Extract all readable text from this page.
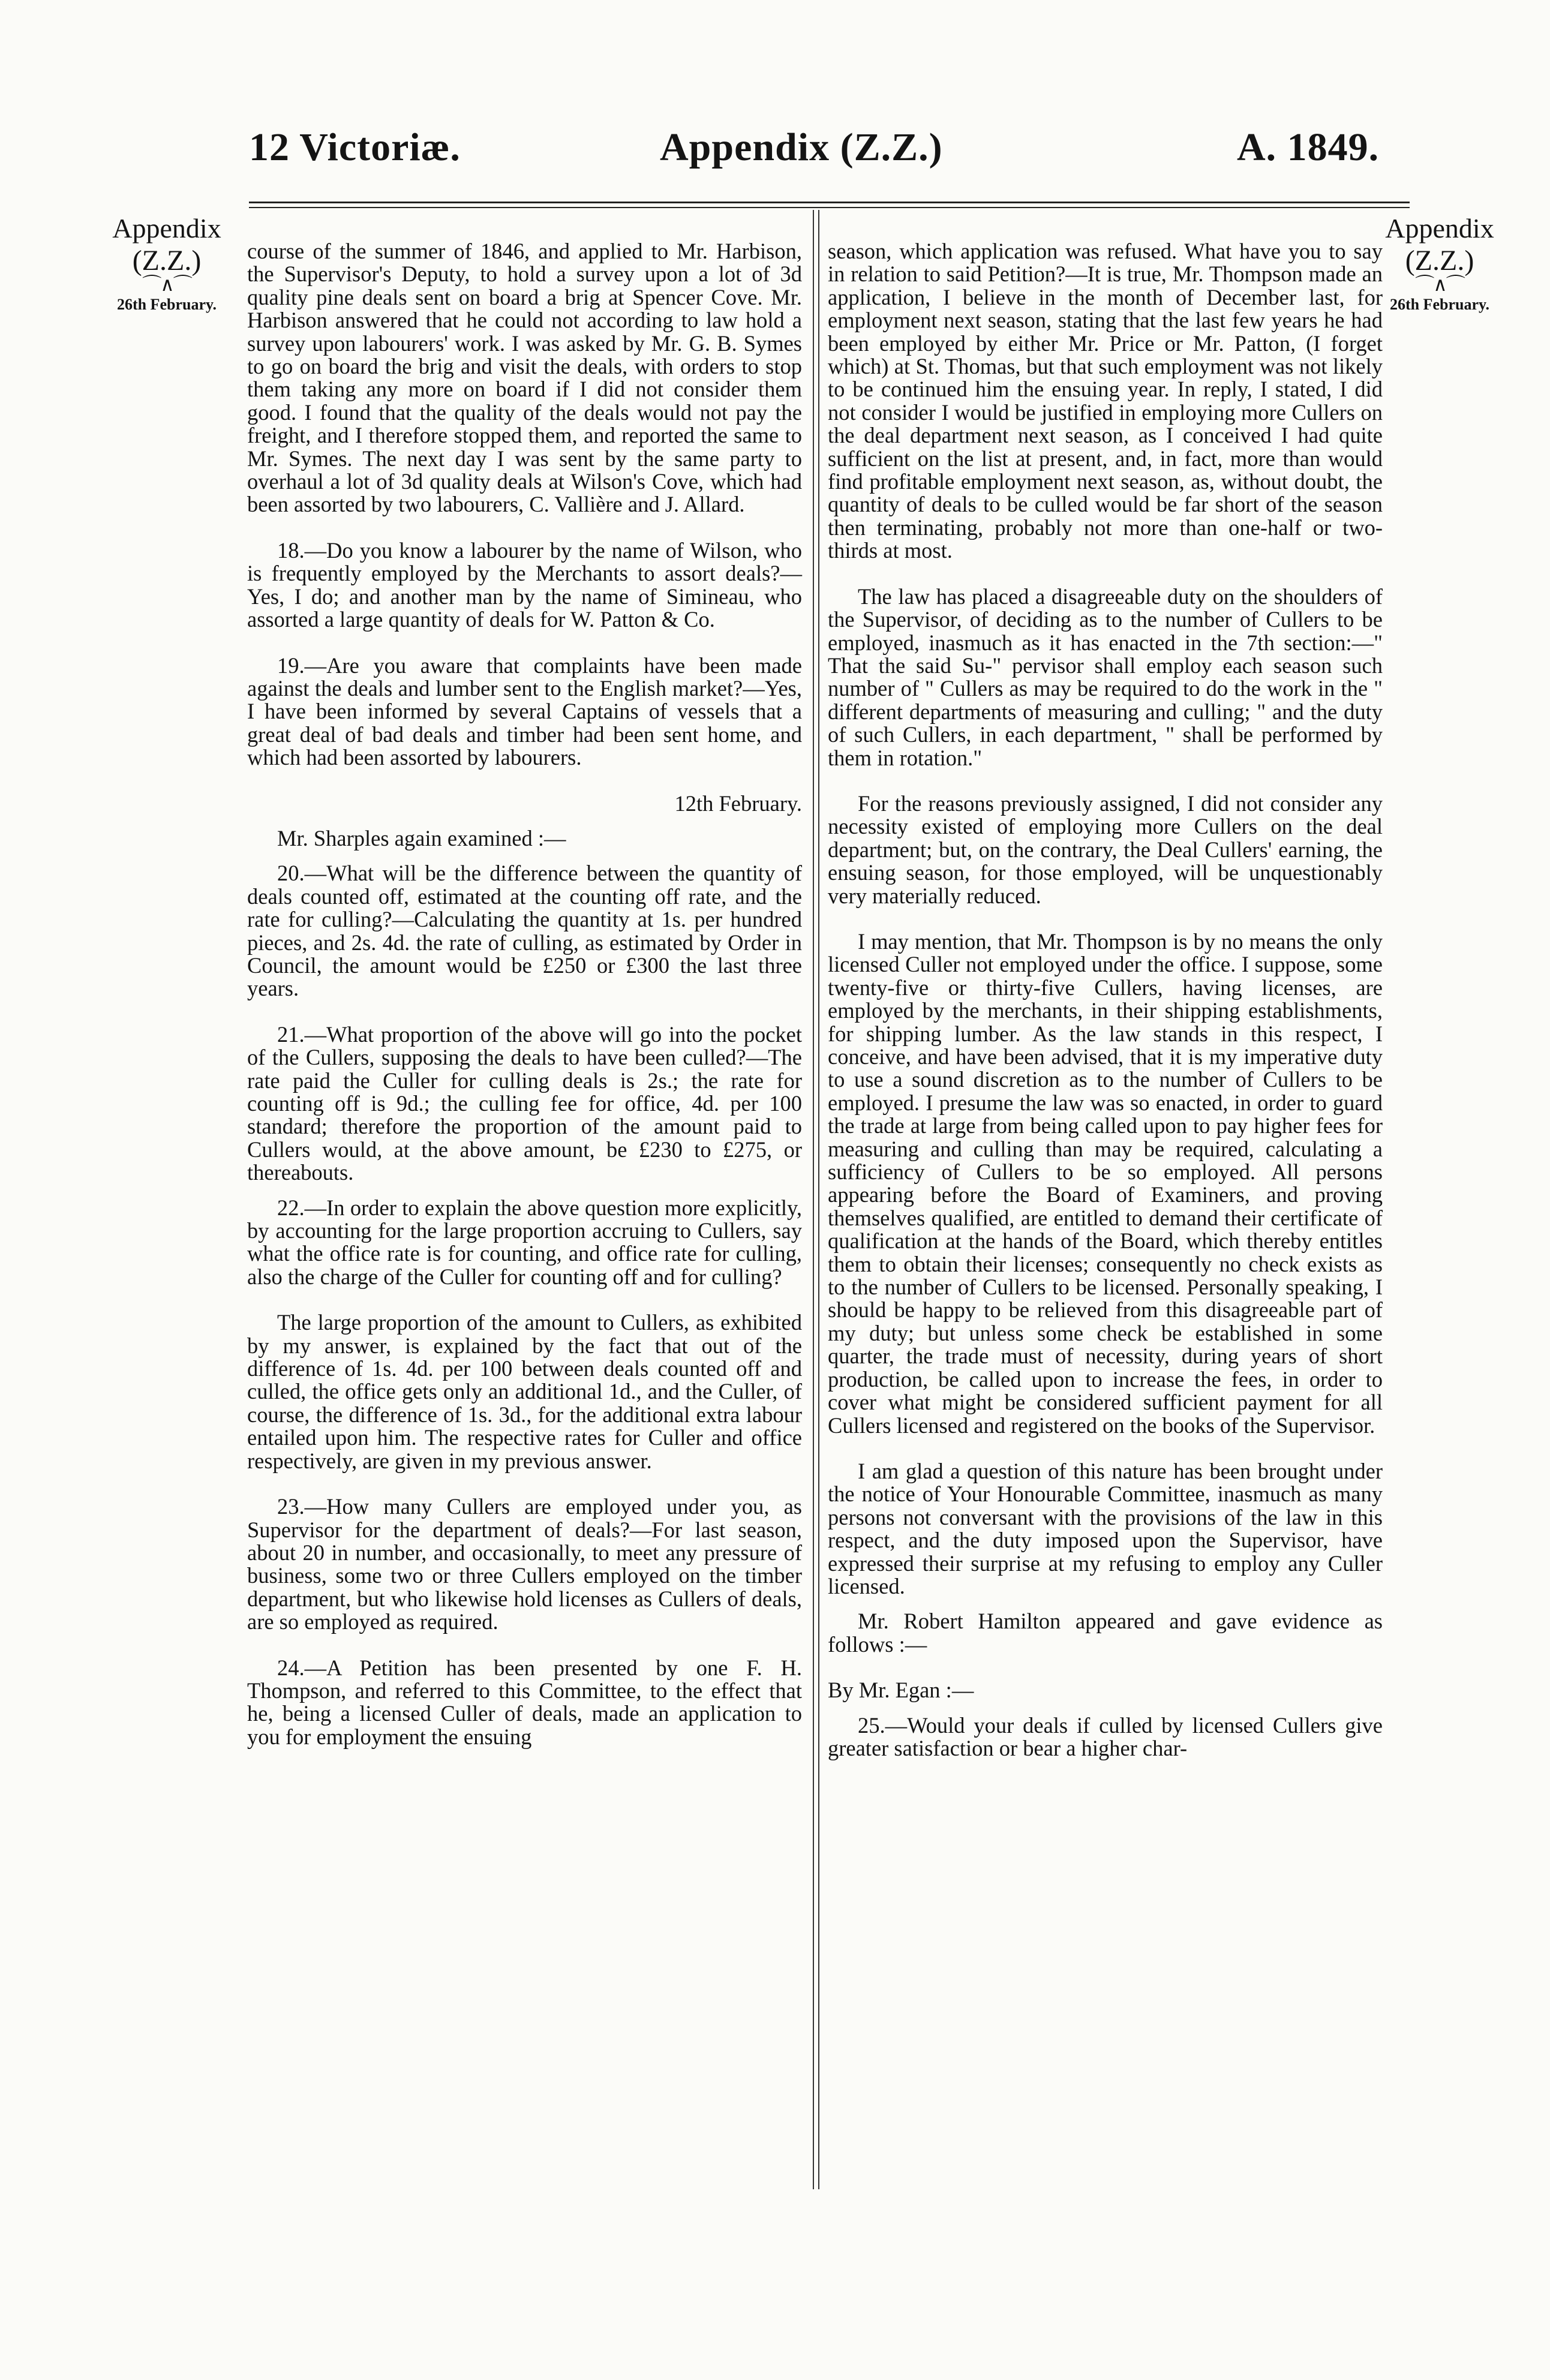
12 Victoriæ.	Appendix (Z.Z.)	A. 1849.
Appendix
(Z.Z.)
⌒∧⌒
26th February.
Appendix
(Z.Z.)
⌒∧⌒
26th February.

course of the summer of 1846, and applied to Mr. Harbison, the Supervisor's Deputy, to hold a survey upon a lot of 3d quality pine deals sent on board a brig at Spencer Cove. Mr. Harbison answered that he could not according to law hold a survey upon labourers' work. I was asked by Mr. G. B. Symes to go on board the brig and visit the deals, with orders to stop them taking any more on board if I did not consider them good. I found that the quality of the deals would not pay the freight, and I therefore stopped them, and reported the same to Mr. Symes. The next day I was sent by the same party to overhaul a lot of 3d quality deals at Wilson's Cove, which had been assorted by two labourers, C. Vallière and J. Allard.

18.—Do you know a labourer by the name of Wilson, who is frequently employed by the Merchants to assort deals?—Yes, I do; and another man by the name of Simineau, who assorted a large quantity of deals for W. Patton & Co.

19.—Are you aware that complaints have been made against the deals and lumber sent to the English market?—Yes, I have been informed by several Captains of vessels that a great deal of bad deals and timber had been sent home, and which had been assorted by labourers.

12th February.

Mr. Sharples again examined :—

20.—What will be the difference between the quantity of deals counted off, estimated at the counting off rate, and the rate for culling?—Calculating the quantity at 1s. per hundred pieces, and 2s. 4d. the rate of culling, as estimated by Order in Council, the amount would be £250 or £300 the last three years.

21.—What proportion of the above will go into the pocket of the Cullers, supposing the deals to have been culled?—The rate paid the Culler for culling deals is 2s.; the rate for counting off is 9d.; the culling fee for office, 4d. per 100 standard; therefore the proportion of the amount paid to Cullers would, at the above amount, be £230 to £275, or thereabouts.

22.—In order to explain the above question more explicitly, by accounting for the large proportion accruing to Cullers, say what the office rate is for counting, and office rate for culling, also the charge of the Culler for counting off and for culling?

The large proportion of the amount to Cullers, as exhibited by my answer, is explained by the fact that out of the difference of 1s. 4d. per 100 between deals counted off and culled, the office gets only an additional 1d., and the Culler, of course, the difference of 1s. 3d., for the additional extra labour entailed upon him. The respective rates for Culler and office respectively, are given in my previous answer.

23.—How many Cullers are employed under you, as Supervisor for the department of deals?—For last season, about 20 in number, and occasionally, to meet any pressure of business, some two or three Cullers employed on the timber department, but who likewise hold licenses as Cullers of deals, are so employed as required.

24.—A Petition has been presented by one F. H. Thompson, and referred to this Committee, to the effect that he, being a licensed Culler of deals, made an application to you for employment the ensuing

season, which application was refused. What have you to say in relation to said Petition?—It is true, Mr. Thompson made an application, I believe in the month of December last, for employment next season, stating that the last few years he had been employed by either Mr. Price or Mr. Patton, (I forget which) at St. Thomas, but that such employment was not likely to be continued him the ensuing year. In reply, I stated, I did not consider I would be justified in employing more Cullers on the deal department next season, as I conceived I had quite sufficient on the list at present, and, in fact, more than would find profitable employment next season, as, without doubt, the quantity of deals to be culled would be far short of the season then terminating, probably not more than one-half or two-thirds at most.

The law has placed a disagreeable duty on the shoulders of the Supervisor, of deciding as to the number of Cullers to be employed, inasmuch as it has enacted in the 7th section:—" That the said Su-" pervisor shall employ each season such number of " Cullers as may be required to do the work in the " different departments of measuring and culling; " and the duty of such Cullers, in each department, " shall be performed by them in rotation."

For the reasons previously assigned, I did not consider any necessity existed of employing more Cullers on the deal department; but, on the contrary, the Deal Cullers' earning, the ensuing season, for those employed, will be unquestionably very materially reduced.

I may mention, that Mr. Thompson is by no means the only licensed Culler not employed under the office. I suppose, some twenty-five or thirty-five Cullers, having licenses, are employed by the merchants, in their shipping establishments, for shipping lumber. As the law stands in this respect, I conceive, and have been advised, that it is my imperative duty to use a sound discretion as to the number of Cullers to be employed. I presume the law was so enacted, in order to guard the trade at large from being called upon to pay higher fees for measuring and culling than may be required, calculating a sufficiency of Cullers to be so employed. All persons appearing before the Board of Examiners, and proving themselves qualified, are entitled to demand their certificate of qualification at the hands of the Board, which thereby entitles them to obtain their licenses; consequently no check exists as to the number of Cullers to be licensed. Personally speaking, I should be happy to be relieved from this disagreeable part of my duty; but unless some check be established in some quarter, the trade must of necessity, during years of short production, be called upon to increase the fees, in order to cover what might be considered sufficient payment for all Cullers licensed and registered on the books of the Supervisor.

I am glad a question of this nature has been brought under the notice of Your Honourable Committee, inasmuch as many persons not conversant with the provisions of the law in this respect, and the duty imposed upon the Supervisor, have expressed their surprise at my refusing to employ any Culler licensed.

Mr. Robert Hamilton appeared and gave evidence as follows :—

By Mr. Egan :—

25.—Would your deals if culled by licensed Cullers give greater satisfaction or bear a higher char-
